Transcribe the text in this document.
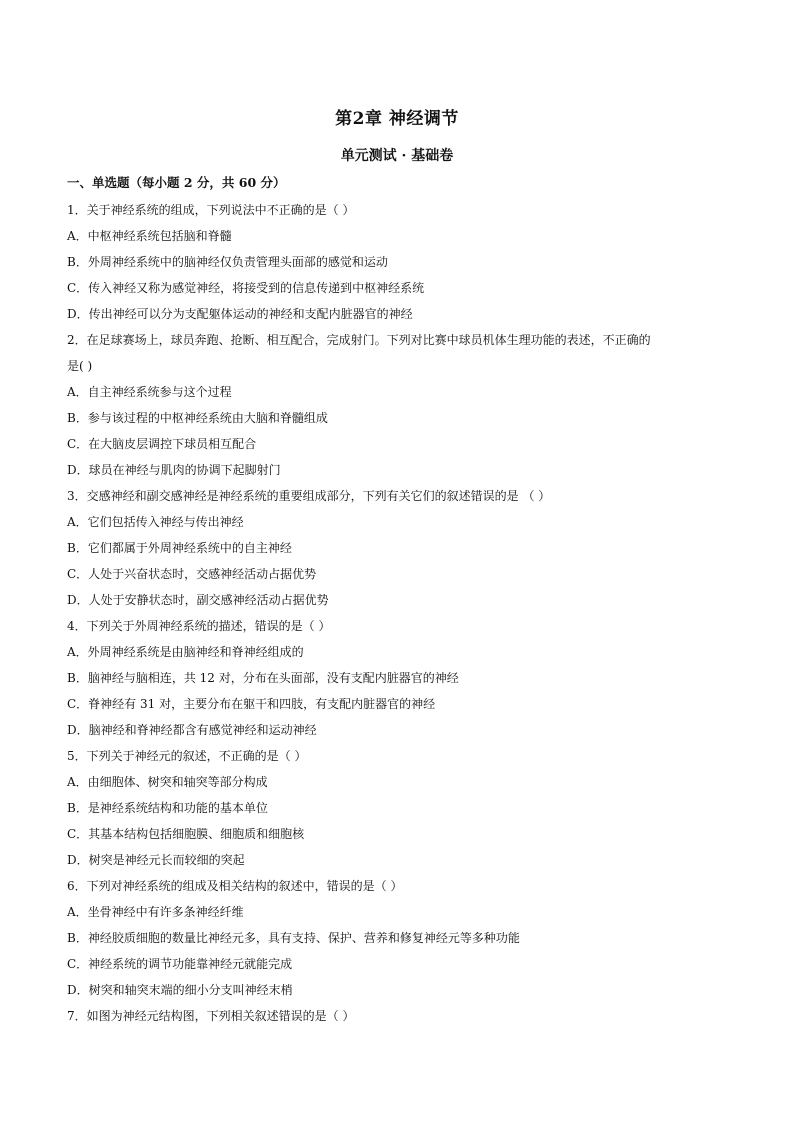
第2章 神经调节
单元测试 · 基础卷
一、单选题（每小题 2 分，共 60 分）
1．关于神经系统的组成，下列说法中不正确的是（ ）
A．中枢神经系统包括脑和脊髓
B．外周神经系统中的脑神经仅负责管理头面部的感觉和运动
C．传入神经又称为感觉神经，将接受到的信息传递到中枢神经系统
D．传出神经可以分为支配躯体运动的神经和支配内脏器官的神经
2．在足球赛场上，球员奔跑、抢断、相互配合，完成射门。下列对比赛中球员机体生理功能的表述，不正确的
是( )
A．自主神经系统参与这个过程
B．参与该过程的中枢神经系统由大脑和脊髓组成
C．在大脑皮层调控下球员相互配合
D．球员在神经与肌肉的协调下起脚射门
3．交感神经和副交感神经是神经系统的重要组成部分，下列有关它们的叙述错误的是 （ ）
A．它们包括传入神经与传出神经
B．它们都属于外周神经系统中的自主神经
C．人处于兴奋状态时，交感神经活动占据优势
D．人处于安静状态时，副交感神经活动占据优势
4．下列关于外周神经系统的描述，错误的是（ ）
A．外周神经系统是由脑神经和脊神经组成的
B．脑神经与脑相连，共 12 对，分布在头面部，没有支配内脏器官的神经
C．脊神经有 31 对，主要分布在躯干和四肢，有支配内脏器官的神经
D．脑神经和脊神经都含有感觉神经和运动神经
5．下列关于神经元的叙述，不正确的是（ ）
A．由细胞体、树突和轴突等部分构成
B．是神经系统结构和功能的基本单位
C．其基本结构包括细胞膜、细胞质和细胞核
D．树突是神经元长而较细的突起
6．下列对神经系统的组成及相关结构的叙述中，错误的是（ ）
A．坐骨神经中有许多条神经纤维
B．神经胶质细胞的数量比神经元多，具有支持、保护、营养和修复神经元等多种功能
C．神经系统的调节功能靠神经元就能完成
D．树突和轴突末端的细小分支叫神经末梢
7．如图为神经元结构图，下列相关叙述错误的是（ ）
